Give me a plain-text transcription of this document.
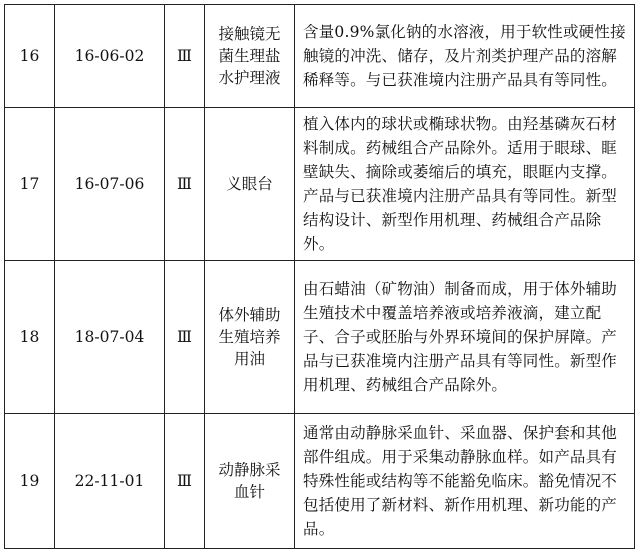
16	16-06-02	Ⅲ	接触镜无菌生理盐水护理液	含量0.9%氯化钠的水溶液，用于软性或硬性接触镜的冲洗、储存，及片剂类护理产品的溶解稀释等。与已获准境内注册产品具有等同性。
17	16-07-06	Ⅲ	义眼台	植入体内的球状或椭球状物。由羟基磷灰石材料制成。药械组合产品除外。适用于眼球、眶壁缺失、摘除或萎缩后的填充，眼眶内支撑。产品与已获准境内注册产品具有等同性。新型结构设计、新型作用机理、药械组合产品除外。
18	18-07-04	Ⅲ	体外辅助生殖培养用油	由石蜡油（矿物油）制备而成，用于体外辅助生殖技术中覆盖培养液或培养液滴，建立配子、合子或胚胎与外界环境间的保护屏障。产品与已获准境内注册产品具有等同性。新型作用机理、药械组合产品除外。
19	22-11-01	Ⅲ	动静脉采血针	通常由动静脉采血针、采血器、保护套和其他部件组成。用于采集动静脉血样。如产品具有特殊性能或结构等不能豁免临床。豁免情况不包括使用了新材料、新作用机理、新功能的产品。
